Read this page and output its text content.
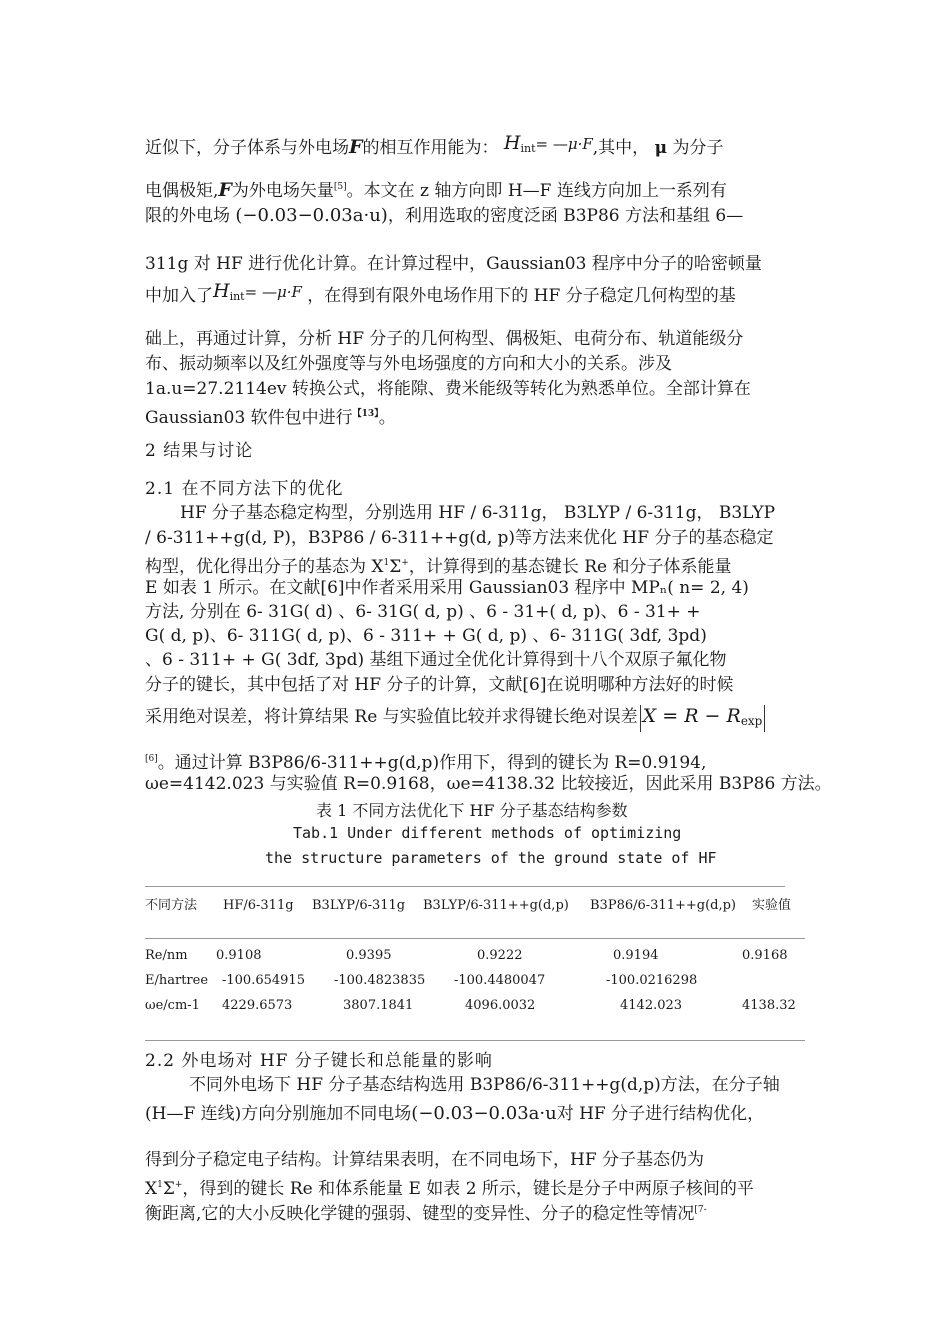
近似下，分子体系与外电场F的相互作用能为： $H_{int}=$ —μ·F,其中， μ 为分子
电偶极矩,F为外电场矢量[5]。本文在 z 轴方向即 H—F 连线方向加上一系列有
限的外电场 (−0.03−0.03a·u)，利用选取的密度泛函 B3P86 方法和基组 6—
311g 对 HF 进行优化计算。在计算过程中，Gaussian03 程序中分子的哈密顿量
中加入了$H_{int}=$ —μ·F ，在得到有限外电场作用下的 HF 分子稳定几何构型的基
础上，再通过计算，分析 HF 分子的几何构型、偶极矩、电荷分布、轨道能级分
布、振动频率以及红外强度等与外电场强度的方向和大小的关系。涉及
1a.u=27.2114ev 转换公式，将能隙、费米能级等转化为熟悉单位。全部计算在
Gaussian03 软件包中进行$^{【13】}$。
2 结果与讨论
2.1 在不同方法下的优化
HF 分子基态稳定构型，分别选用 HF / 6-311g， B3LYP / 6-311g， B3LYP
/ 6-311++g(d, P)，B3P86 / 6-311++g(d, p)等方法来优化 HF 分子的基态稳定
构型，优化得出分子的基态为 $X^1\Sigma^+$，计算得到的基态键长 Re 和分子体系能量
E 如表 1 所示。在文献[6]中作者采用采用 Gaussian03 程序中 MPₙ( n= 2, 4)
方法, 分别在 6- 31G( d) 、6- 31G( d, p) 、6 - 31+( d, p)、6 - 31+ +
G( d, p)、6- 311G( d, p)、6 - 311+ + G( d, p) 、6- 311G( 3df, 3pd)
、6 - 311+ + G( 3df, 3pd) 基组下通过全优化计算得到十八个双原子氟化物
分子的键长，其中包括了对 HF 分子的计算，文献[6]在说明哪种方法好的时候
采用绝对误差，将计算结果 Re 与实验值比较并求得键长绝对误差 $X = R - R_{exp}$
[6]。通过计算 B3P86/6-311++g(d,p)作用下，得到的键长为 R=0.9194,
ωe=4142.023 与实验值 R=0.9168，ωe=4138.32 比较接近，因此采用 B3P86 方法。
表 1 不同方法优化下 HF 分子基态结构参数
Tab.1 Under different methods of optimizing
the structure parameters of the ground state of HF
不同方法 HF/6-311g B3LYP/6-311g B3LYP/6-311++g(d,p) B3P86/6-311++g(d,p) 实验值
Re/nm 0.9108	0.9395	0.9222	0.9194	0.9168
E/hartree -100.654915 -100.4823835 -100.4480047	-100.0216298
ωe/cm-1 4229.6573	3807.1841	4096.0032	4142.023	4138.32
2.2 外电场对 HF 分子键长和总能量的影响
不同外电场下 HF 分子基态结构选用 B3P86/6-311++g(d,p)方法，在分子轴
(H—F 连线)方向分别施加不同电场(−0.03−0.03a·u对 HF 分子进行结构优化，
得到分子稳定电子结构。计算结果表明，在不同电场下，HF 分子基态仍为
$X^1\Sigma^+$，得到的键长 Re 和体系能量 E 如表 2 所示，键长是分子中两原子核间的平
衡距离,它的大小反映化学键的强弱、键型的变异性、分子的稳定性等情况$^{[7-}$
